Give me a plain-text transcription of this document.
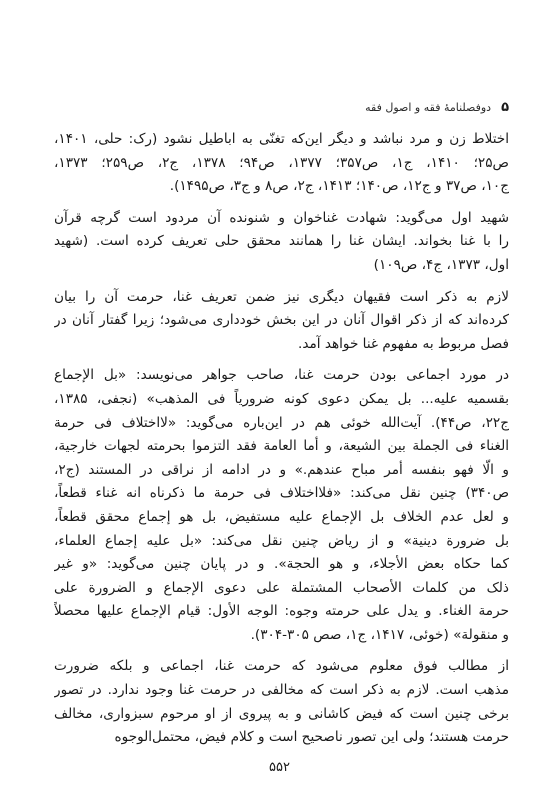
۵
دوفصلنامهٔ فقه و اصول فقه

اختلاط زن و مرد نباشد و دیگر این‌که تغنّی به اباطیل نشود (رک: حلی، ۱۴۰۱،
ص۲۵؛ ۱۴۱۰، ج۱، ص۳۵۷؛ ۱۳۷۷، ص۹۴؛ ۱۳۷۸، ج۲، ص۲۵۹؛ ۱۳۷۳،
ج۱۰، ص۳۷ و ج۱۲، ص۱۴۰؛ ۱۴۱۳، ج۲، ص۸ و ج۳، ص۱۴۹۵).

شهید اول می‌گوید: شهادت غناخوان و شنونده آن مردود است گرچه قرآن
را با غنا بخواند. ایشان غنا را همانند محقق حلی تعریف کرده است. (شهید
اول، ۱۳۷۳، ج۴، ص۱۰۹)

لازم به ذکر است فقیهان دیگری نیز ضمن تعریف غنا، حرمت آن را بیان
کرده‌اند که از ذکر اقوال آنان در این بخش خودداری می‌شود؛ زیرا گفتار آنان در
فصل مربوط به مفهوم غنا خواهد آمد.

در مورد اجماعی بودن حرمت غنا، صاحب جواهر می‌نویسد: «بل الإجماع
بقسمیه علیه... بل یمکن دعوی کونه ضروریاً فی المذهب» (نجفی، ۱۳۸۵،
ج۲۲، ص۴۴). آیت‌الله خوئی هم در این‌باره می‌گوید: «لااختلاف فی حرمة
الغناء فی الجملة بین الشیعة، و أما العامة فقد التزموا بحرمته لجهات خارجیة،
و الّا فهو بنفسه أمر مباح عندهم.» و در ادامه از نراقی در المستند (ج۲،
ص۳۴۰) چنین نقل می‌کند: «فلااختلاف فی حرمة ما ذکرناه انه غناء قطعاً،
و لعل عدم الخلاف بل الإجماع علیه مستفیض، بل هو إجماع محقق قطعاً،
بل ضرورة دینیة» و از ریاض چنین نقل می‌کند: «بل علیه إجماع العلماء،
کما حکاه بعض الأجلاء، و هو الحجة». و در پایان چنین می‌گوید: «و غیر
ذلک من کلمات الأصحاب المشتملة علی دعوی الإجماع و الضرورة علی
حرمة الغناء. و یدل علی حرمته وجوه: الوجه الأول: قیام الإجماع علیها محصلاً
و منقولة» (خوئی، ۱۴۱۷، ج۱، صص ۳۰۵-۳۰۴).

از مطالب فوق معلوم می‌شود که حرمت غنا، اجماعی و بلکه ضرورت
مذهب است. لازم به ذکر است که مخالفی در حرمت غنا وجود ندارد. در تصور
برخی چنین است که فیض کاشانی و به پیروی از او مرحوم سبزواری، مخالف
حرمت هستند؛ ولی این تصور ناصحیح است و کلام فیض، محتمل‌الوجوه

۵۵۲
